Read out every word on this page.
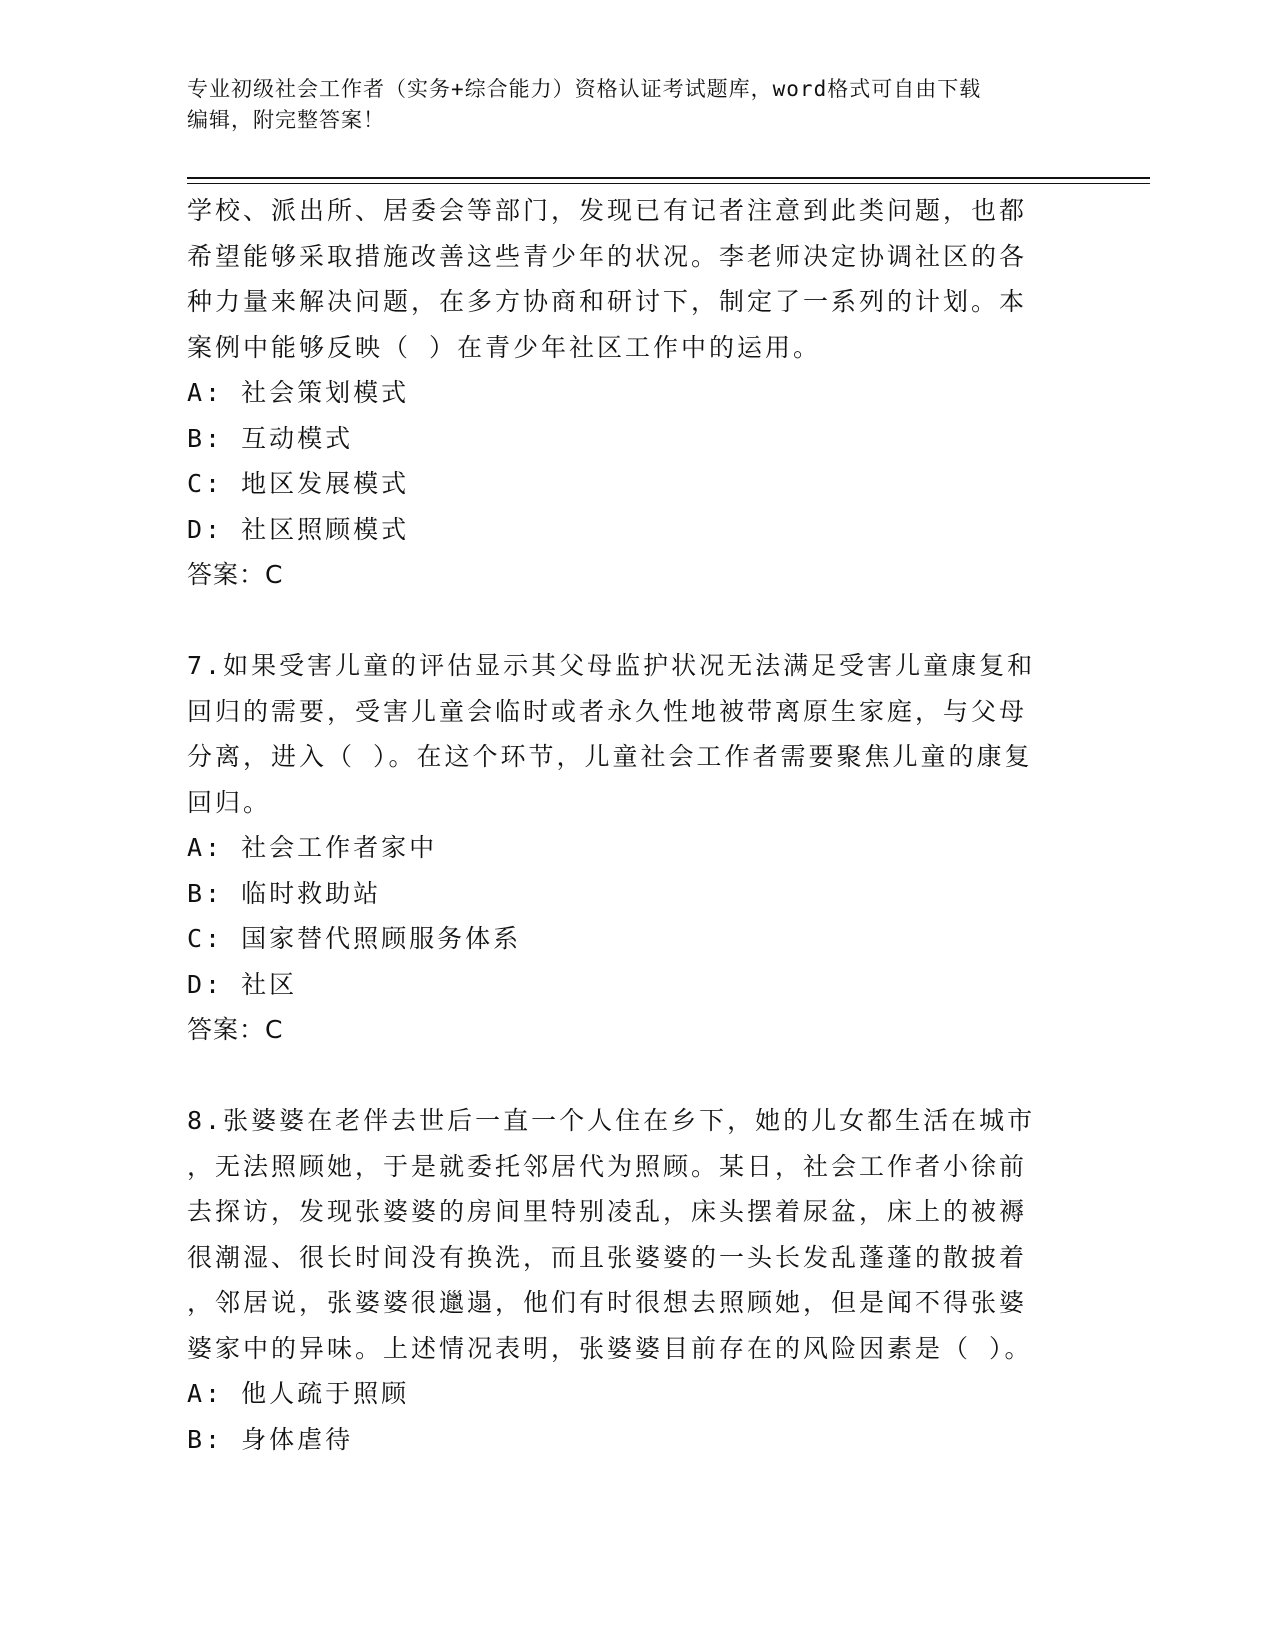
专业初级社会工作者（实务+综合能力）资格认证考试题库，word格式可自由下载
编辑，附完整答案！
学校、派出所、居委会等部门，发现已有记者注意到此类问题，也都
希望能够采取措施改善这些青少年的状况。李老师决定协调社区的各
种力量来解决问题，在多方协商和研讨下，制定了一系列的计划。本
案例中能够反映（ ）在青少年社区工作中的运用。
A: 社会策划模式
B: 互动模式
C: 地区发展模式
D: 社区照顾模式
答案：C
7.如果受害儿童的评估显示其父母监护状况无法满足受害儿童康复和
回归的需要，受害儿童会临时或者永久性地被带离原生家庭，与父母
分离，进入（ ）。在这个环节，儿童社会工作者需要聚焦儿童的康复
回归。
A: 社会工作者家中
B: 临时救助站
C: 国家替代照顾服务体系
D: 社区
答案：C
8.张婆婆在老伴去世后一直一个人住在乡下，她的儿女都生活在城市
，无法照顾她，于是就委托邻居代为照顾。某日，社会工作者小徐前
去探访，发现张婆婆的房间里特别凌乱，床头摆着尿盆，床上的被褥
很潮湿、很长时间没有换洗，而且张婆婆的一头长发乱蓬蓬的散披着
，邻居说，张婆婆很邋遢，他们有时很想去照顾她，但是闻不得张婆
婆家中的异味。上述情况表明，张婆婆目前存在的风险因素是（ ）。
A: 他人疏于照顾
B: 身体虐待
